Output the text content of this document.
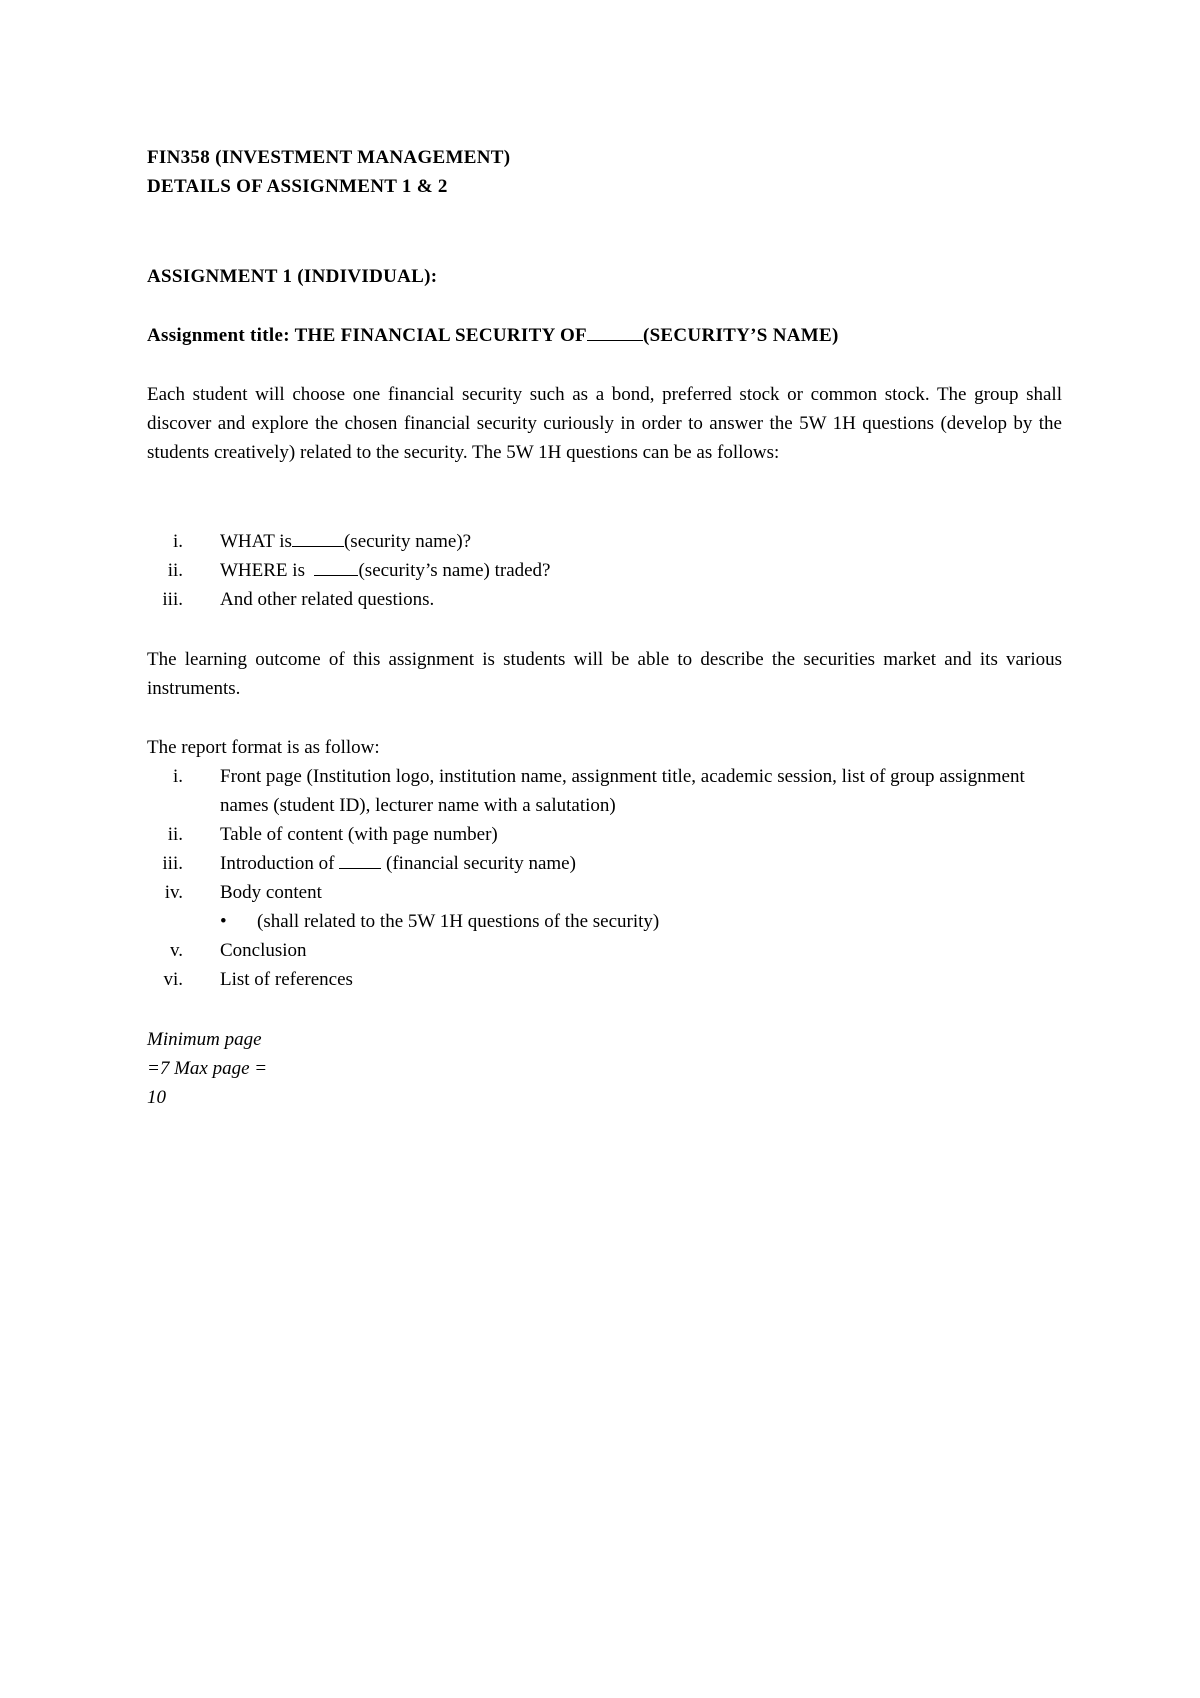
FIN358 (INVESTMENT MANAGEMENT)
DETAILS OF ASSIGNMENT 1 & 2
ASSIGNMENT 1 (INDIVIDUAL):
Assignment title: THE FINANCIAL SECURITY OF	(SECURITY’S NAME)

Each student will choose one financial security such as a bond, preferred stock or common stock. The group shall discover and explore the chosen financial security curiously in order to answer the 5W 1H questions (develop by the students creatively) related to the security. The 5W 1H questions can be as follows:

i. WHAT is	(security name)?
ii. WHERE is	(security’s name) traded?
iii. And other related questions.

The learning outcome of this assignment is students will be able to describe the securities market and its various instruments.

The report format is as follow:
i. Front page (Institution logo, institution name, assignment title, academic session, list of group assignment names (student ID), lecturer name with a salutation)
ii. Table of content (with page number)
iii. Introduction of  (financial security name)
iv. Body content
• (shall related to the 5W 1H questions of the security)
v. Conclusion
vi. List of references
Minimum page
=7 Max page =
10
